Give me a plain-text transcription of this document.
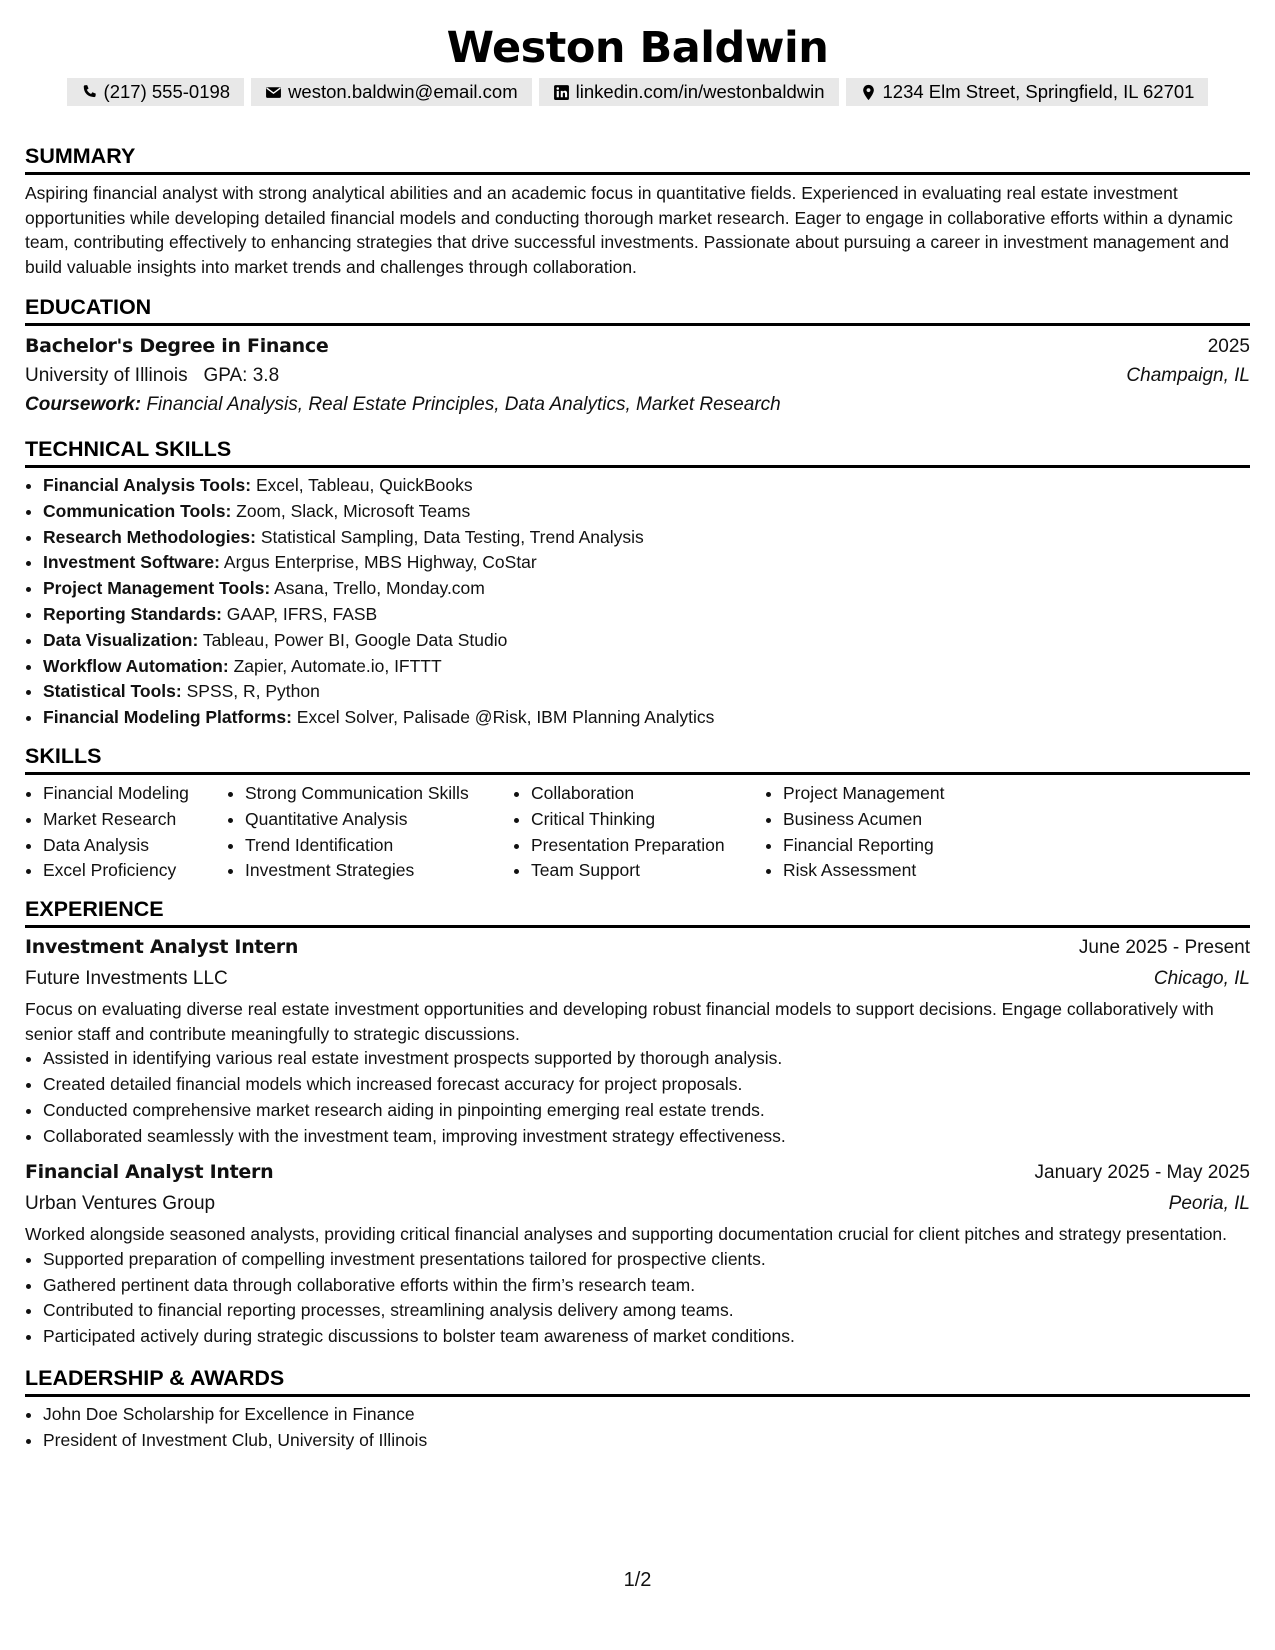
Weston Baldwin
(217) 555-0198	weston.baldwin@email.com	linkedin.com/in/westonbaldwin	1234 Elm Street, Springfield, IL 62701
SUMMARY
Aspiring financial analyst with strong analytical abilities and an academic focus in quantitative fields. Experienced in evaluating real estate investment opportunities while developing detailed financial models and conducting thorough market research. Eager to engage in collaborative efforts within a dynamic team, contributing effectively to enhancing strategies that drive successful investments. Passionate about pursuing a career in investment management and build valuable insights into market trends and challenges through collaboration.
EDUCATION
Bachelor's Degree in Finance	2025
University of Illinois GPA: 3.8	Champaign, IL
Coursework: Financial Analysis, Real Estate Principles, Data Analytics, Market Research
TECHNICAL SKILLS
• Financial Analysis Tools: Excel, Tableau, QuickBooks
• Communication Tools: Zoom, Slack, Microsoft Teams
• Research Methodologies: Statistical Sampling, Data Testing, Trend Analysis
• Investment Software: Argus Enterprise, MBS Highway, CoStar
• Project Management Tools: Asana, Trello, Monday.com
• Reporting Standards: GAAP, IFRS, FASB
• Data Visualization: Tableau, Power BI, Google Data Studio
• Workflow Automation: Zapier, Automate.io, IFTTT
• Statistical Tools: SPSS, R, Python
• Financial Modeling Platforms: Excel Solver, Palisade @Risk, IBM Planning Analytics
SKILLS
• Financial Modeling
• Market Research
• Data Analysis
• Excel Proficiency
• Strong Communication Skills
• Quantitative Analysis
• Trend Identification
• Investment Strategies
• Collaboration
• Critical Thinking
• Presentation Preparation
• Team Support
• Project Management
• Business Acumen
• Financial Reporting
• Risk Assessment
EXPERIENCE
Investment Analyst Intern	June 2025 - Present
Future Investments LLC	Chicago, IL
Focus on evaluating diverse real estate investment opportunities and developing robust financial models to support decisions. Engage collaboratively with senior staff and contribute meaningfully to strategic discussions.
• Assisted in identifying various real estate investment prospects supported by thorough analysis.
• Created detailed financial models which increased forecast accuracy for project proposals.
• Conducted comprehensive market research aiding in pinpointing emerging real estate trends.
• Collaborated seamlessly with the investment team, improving investment strategy effectiveness.
Financial Analyst Intern	January 2025 - May 2025
Urban Ventures Group	Peoria, IL
Worked alongside seasoned analysts, providing critical financial analyses and supporting documentation crucial for client pitches and strategy presentation.
• Supported preparation of compelling investment presentations tailored for prospective clients.
• Gathered pertinent data through collaborative efforts within the firm’s research team.
• Contributed to financial reporting processes, streamlining analysis delivery among teams.
• Participated actively during strategic discussions to bolster team awareness of market conditions.
LEADERSHIP & AWARDS
• John Doe Scholarship for Excellence in Finance
• President of Investment Club, University of Illinois
1/2
